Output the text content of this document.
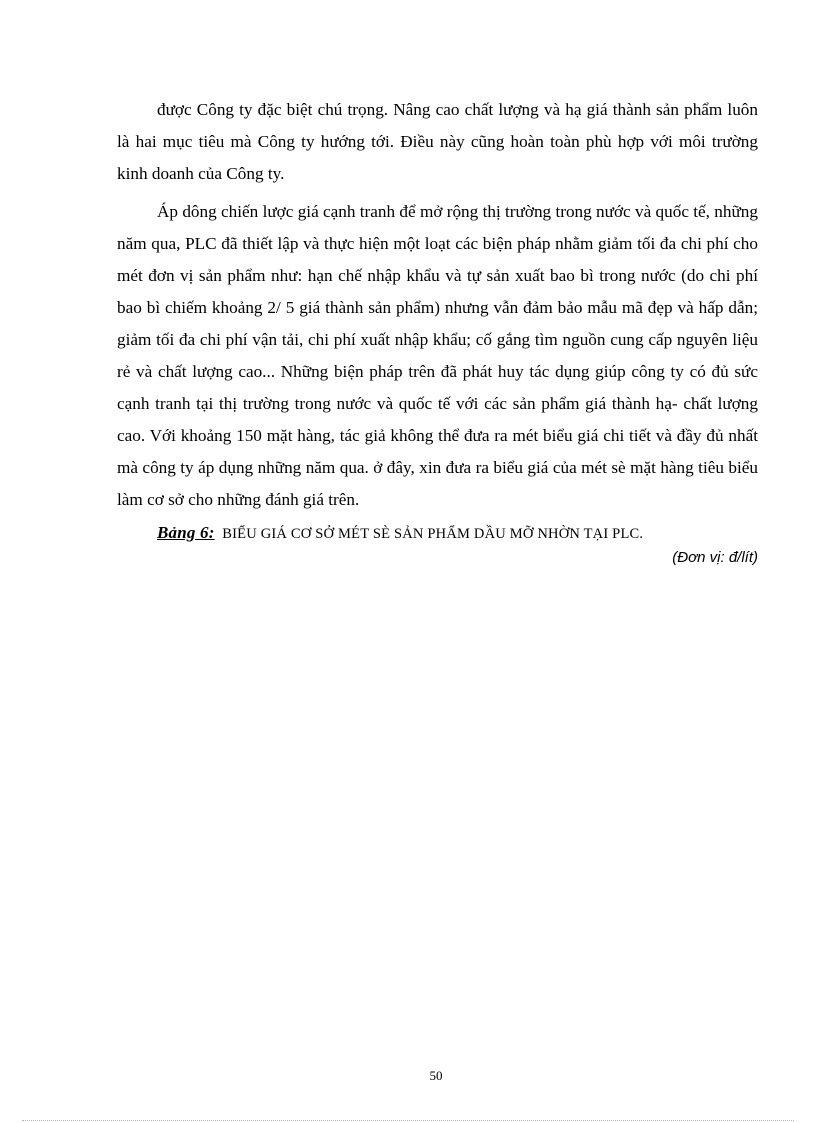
được Công ty đặc biệt chú trọng. Nâng cao chất lượng và hạ giá thành sản phẩm luôn là hai mục tiêu mà Công ty hướng tới. Điều này cũng hoàn toàn phù hợp với môi trường kinh doanh của Công ty.

Áp dông chiến lược giá cạnh tranh để mở rộng thị trường trong nước và quốc tế, những năm qua, PLC đã thiết lập và thực hiện một loạt các biện pháp nhằm giảm tối đa chi phí cho mét đơn vị sản phẩm như: hạn chế nhập khẩu và tự sản xuất bao bì trong nước (do chi phí bao bì chiếm khoảng 2/ 5 giá thành sản phẩm) nhưng vẫn đảm bảo mẫu mã đẹp và hấp dẫn; giảm tối đa chi phí vận tải, chi phí xuất nhập khẩu; cố gắng tìm nguồn cung cấp nguyên liệu rẻ và chất lượng cao... Những biện pháp trên đã phát huy tác dụng giúp công ty có đủ sức cạnh tranh tại thị trường trong nước và quốc tế với các sản phẩm giá thành hạ- chất lượng cao. Với khoảng 150 mặt hàng, tác giả không thể đưa ra mét biểu giá chi tiết và đầy đủ nhất mà công ty áp dụng những năm qua. ở đây, xin đưa ra biểu giá của mét sè mặt hàng tiêu biểu làm cơ sở cho những đánh giá trên.

Bảng 6: BIỂU GIÁ CƠ SỞ MÉT SÈ SẢN PHẨM DẦU MỠ NHỜN TẠI PLC.

(Đơn vị: đ/lít)

50
